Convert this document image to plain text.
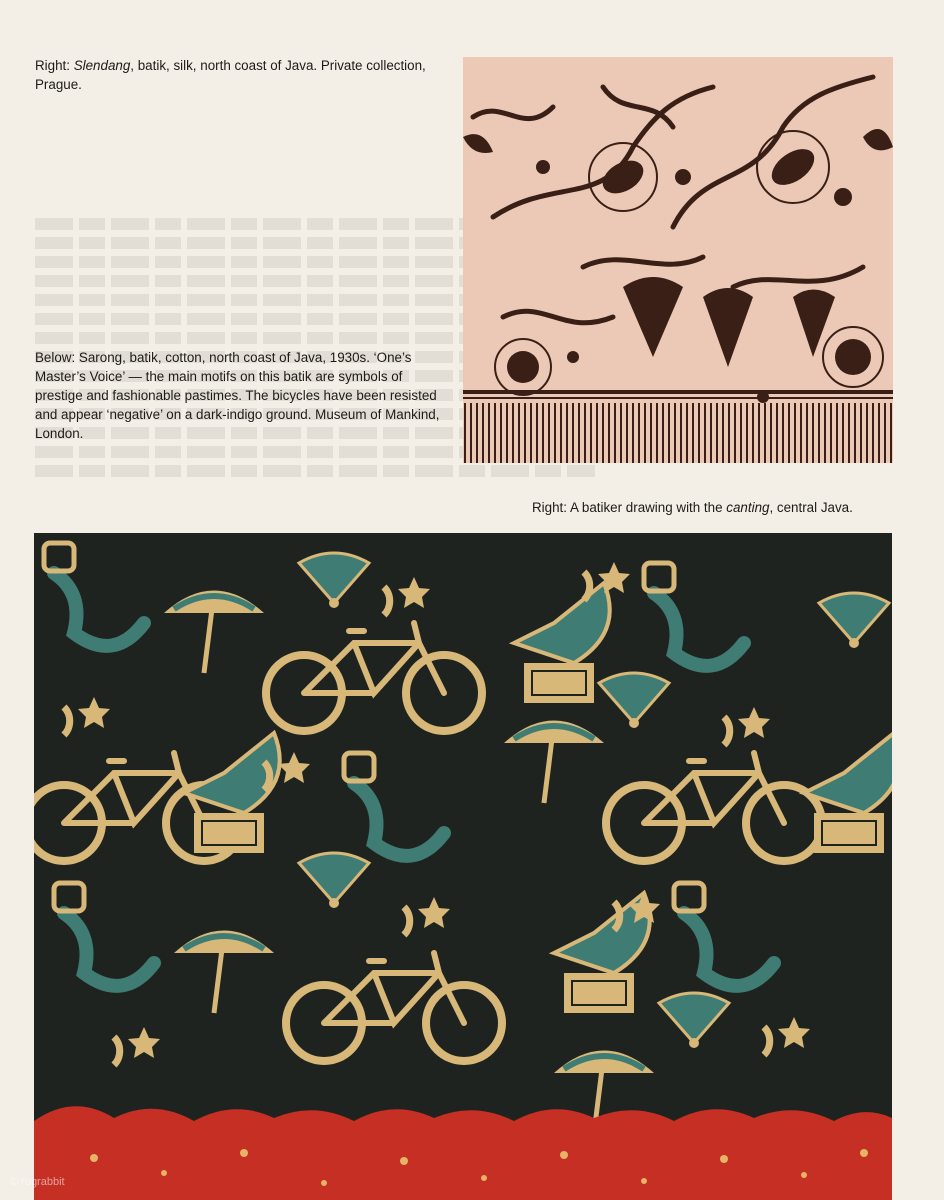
Right: Slendang, batik, silk, north coast of Java. Private collection, Prague.

Below: Sarong, batik, cotton, north coast of Java, 1930s. ‘One’s Master’s Voice’ — the main motifs on this batik are symbols of prestige and fashionable pastimes. The bicycles have been resisted and appear ‘negative’ on a dark-indigo ground. Museum of Mankind, London.

Right: A batiker drawing with the canting, central Java.

© rugrabbit
